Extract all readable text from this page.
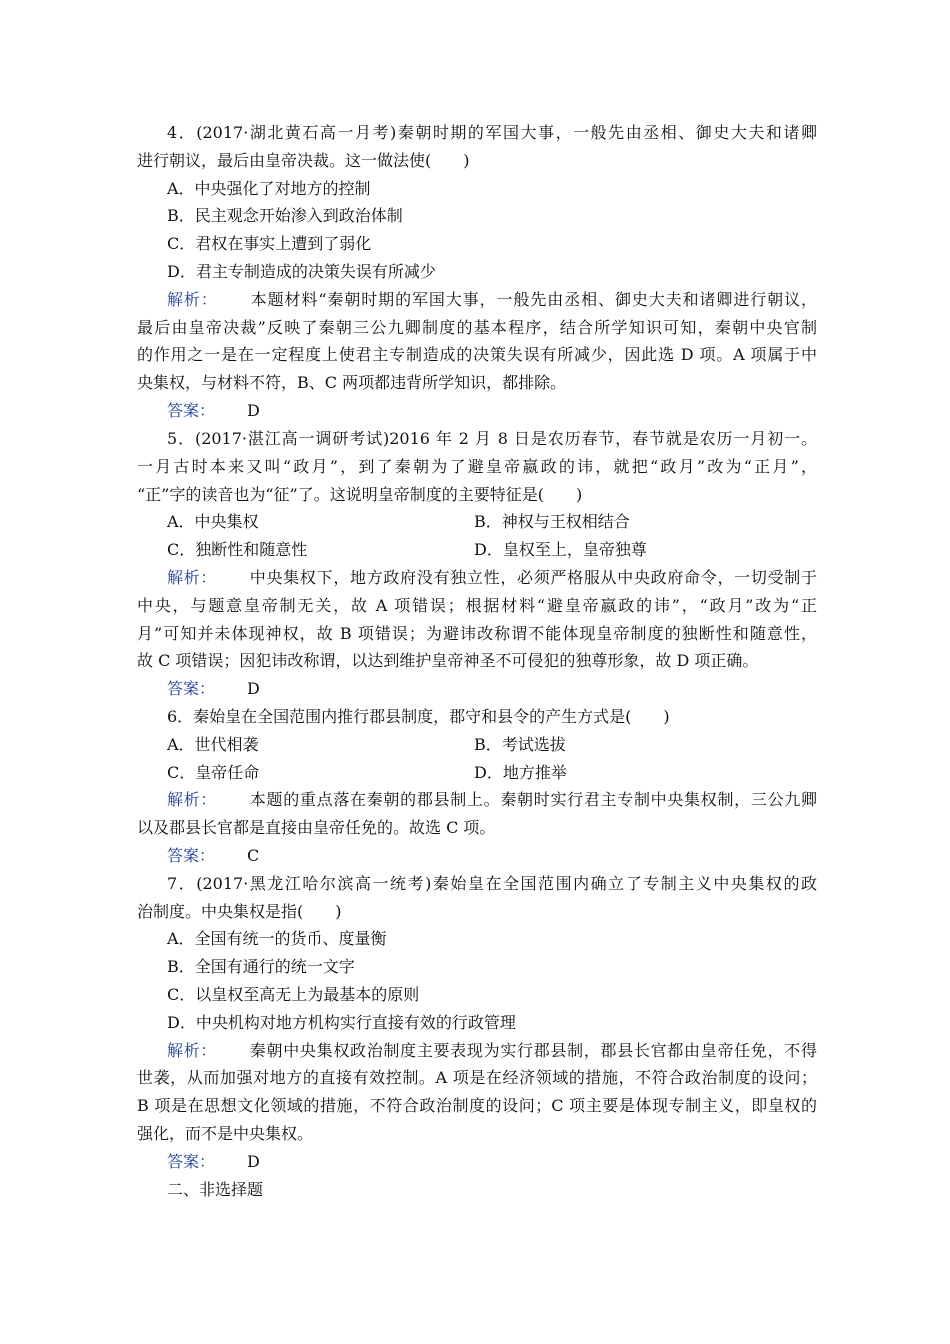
4．(2017·湖北黄石高一月考)秦朝时期的军国大事，一般先由丞相、御史大夫和诸卿
进行朝议，最后由皇帝决裁。这一做法使(　　)
A．中央强化了对地方的控制
B．民主观念开始渗入到政治体制
C．君权在事实上遭到了弱化
D．君主专制造成的决策失误有所减少
解析： 本题材料“秦朝时期的军国大事，一般先由丞相、御史大夫和诸卿进行朝议，
最后由皇帝决裁”反映了秦朝三公九卿制度的基本程序，结合所学知识可知，秦朝中央官制
的作用之一是在一定程度上使君主专制造成的决策失误有所减少，因此选 D 项。A 项属于中
央集权，与材料不符，B、C 两项都违背所学知识，都排除。
答案： D
5．(2017·湛江高一调研考试)2016 年 2 月 8 日是农历春节，春节就是农历一月初一。
一月古时本来又叫“政月”，到了秦朝为了避皇帝嬴政的讳，就把“政月”改为“正月”，
“正”字的读音也为“征”了。这说明皇帝制度的主要特征是(　　)
A．中央集权	B．神权与王权相结合
C．独断性和随意性	D．皇权至上，皇帝独尊
解析： 中央集权下，地方政府没有独立性，必须严格服从中央政府命令，一切受制于
中央，与题意皇帝制无关，故 A 项错误；根据材料“避皇帝嬴政的讳”，“政月”改为“正
月”可知并未体现神权，故 B 项错误；为避讳改称谓不能体现皇帝制度的独断性和随意性，
故 C 项错误；因犯讳改称谓，以达到维护皇帝神圣不可侵犯的独尊形象，故 D 项正确。
答案： D
6．秦始皇在全国范围内推行郡县制度，郡守和县令的产生方式是(　　)
A．世代相袭	B．考试选拔
C．皇帝任命	D．地方推举
解析： 本题的重点落在秦朝的郡县制上。秦朝时实行君主专制中央集权制，三公九卿
以及郡县长官都是直接由皇帝任免的。故选 C 项。
答案： C
7．(2017·黑龙江哈尔滨高一统考)秦始皇在全国范围内确立了专制主义中央集权的政
治制度。中央集权是指(　　)
A．全国有统一的货币、度量衡
B．全国有通行的统一文字
C．以皇权至高无上为最基本的原则
D．中央机构对地方机构实行直接有效的行政管理
解析： 秦朝中央集权政治制度主要表现为实行郡县制，郡县长官都由皇帝任免，不得
世袭，从而加强对地方的直接有效控制。A 项是在经济领域的措施，不符合政治制度的设问；
B 项是在思想文化领域的措施，不符合政治制度的设问；C 项主要是体现专制主义，即皇权的
强化，而不是中央集权。
答案： D
二、非选择题
